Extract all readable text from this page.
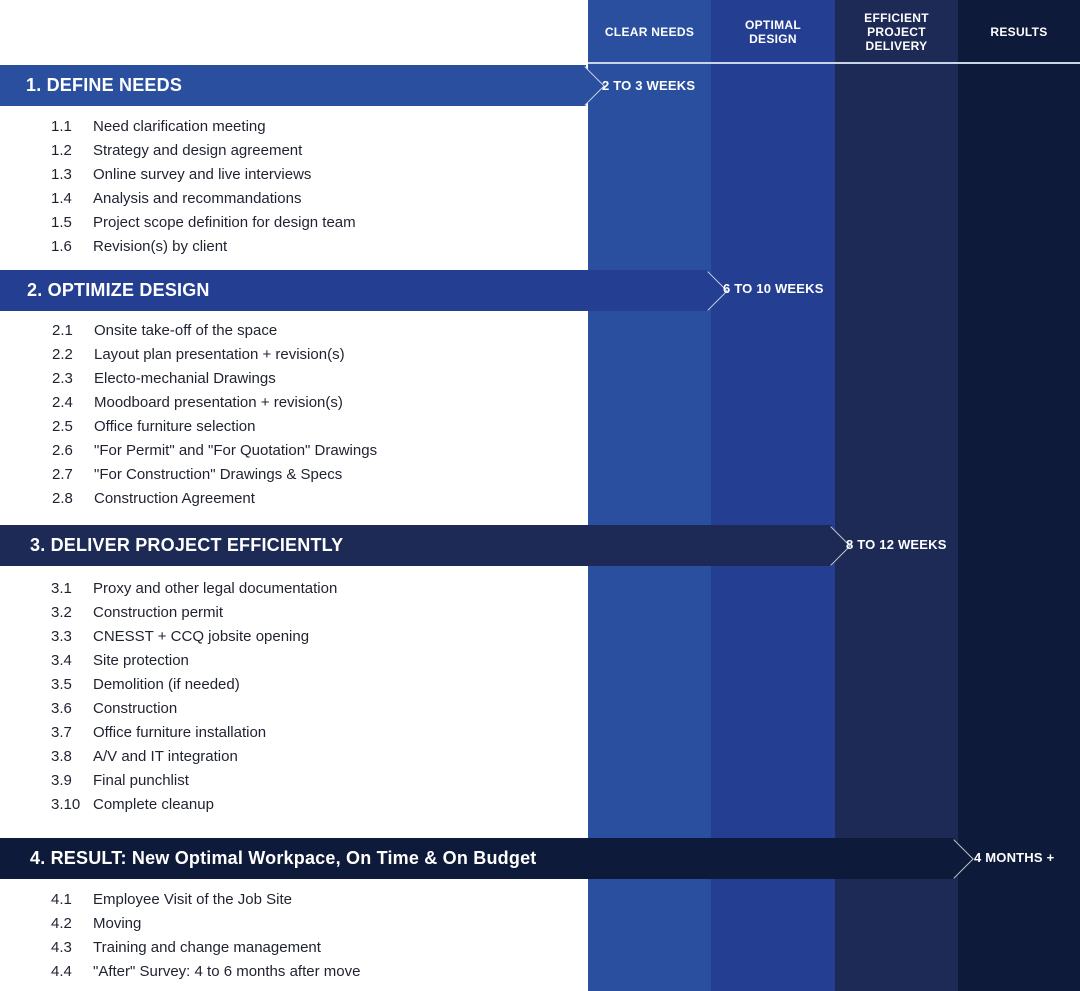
CLEAR NEEDS	OPTIMAL DESIGN
EFFICIENT PROJECT DELIVERY
RESULTS
1. DEFINE NEEDS	2 TO 3 WEEKS
1.1	Need clarification meeting
1.2	Strategy and design agreement
1.3	Online survey and live interviews
1.4	Analysis and recommandations
1.5	Project scope definition for design team
1.6	Revision(s) by client
2. OPTIMIZE DESIGN	6 TO 10 WEEKS
2.1	Onsite take-off of the space
2.2	Layout plan presentation + revision(s)
2.3	Electo-mechanial Drawings
2.4	Moodboard presentation + revision(s)
2.5	Office furniture selection
2.6	"For Permit" and "For Quotation" Drawings
2.7	"For Construction" Drawings & Specs
2.8	Construction Agreement
3. DELIVER PROJECT EFFICIENTLY	8 TO 12 WEEKS
3.1	Proxy and other legal documentation
3.2	Construction permit
3.3	CNESST + CCQ jobsite opening
3.4	Site protection
3.5	Demolition (if needed)
3.6	Construction
3.7	Office furniture installation
3.8	A/V and IT integration
3.9	Final punchlist
3.10 Complete cleanup
4. RESULT: New Optimal Workpace, On Time & On Budget	4 MONTHS +
4.1	Employee Visit of the Job Site
4.2	Moving
4.3	Training and change management
4.4	"After" Survey: 4 to 6 months after move
